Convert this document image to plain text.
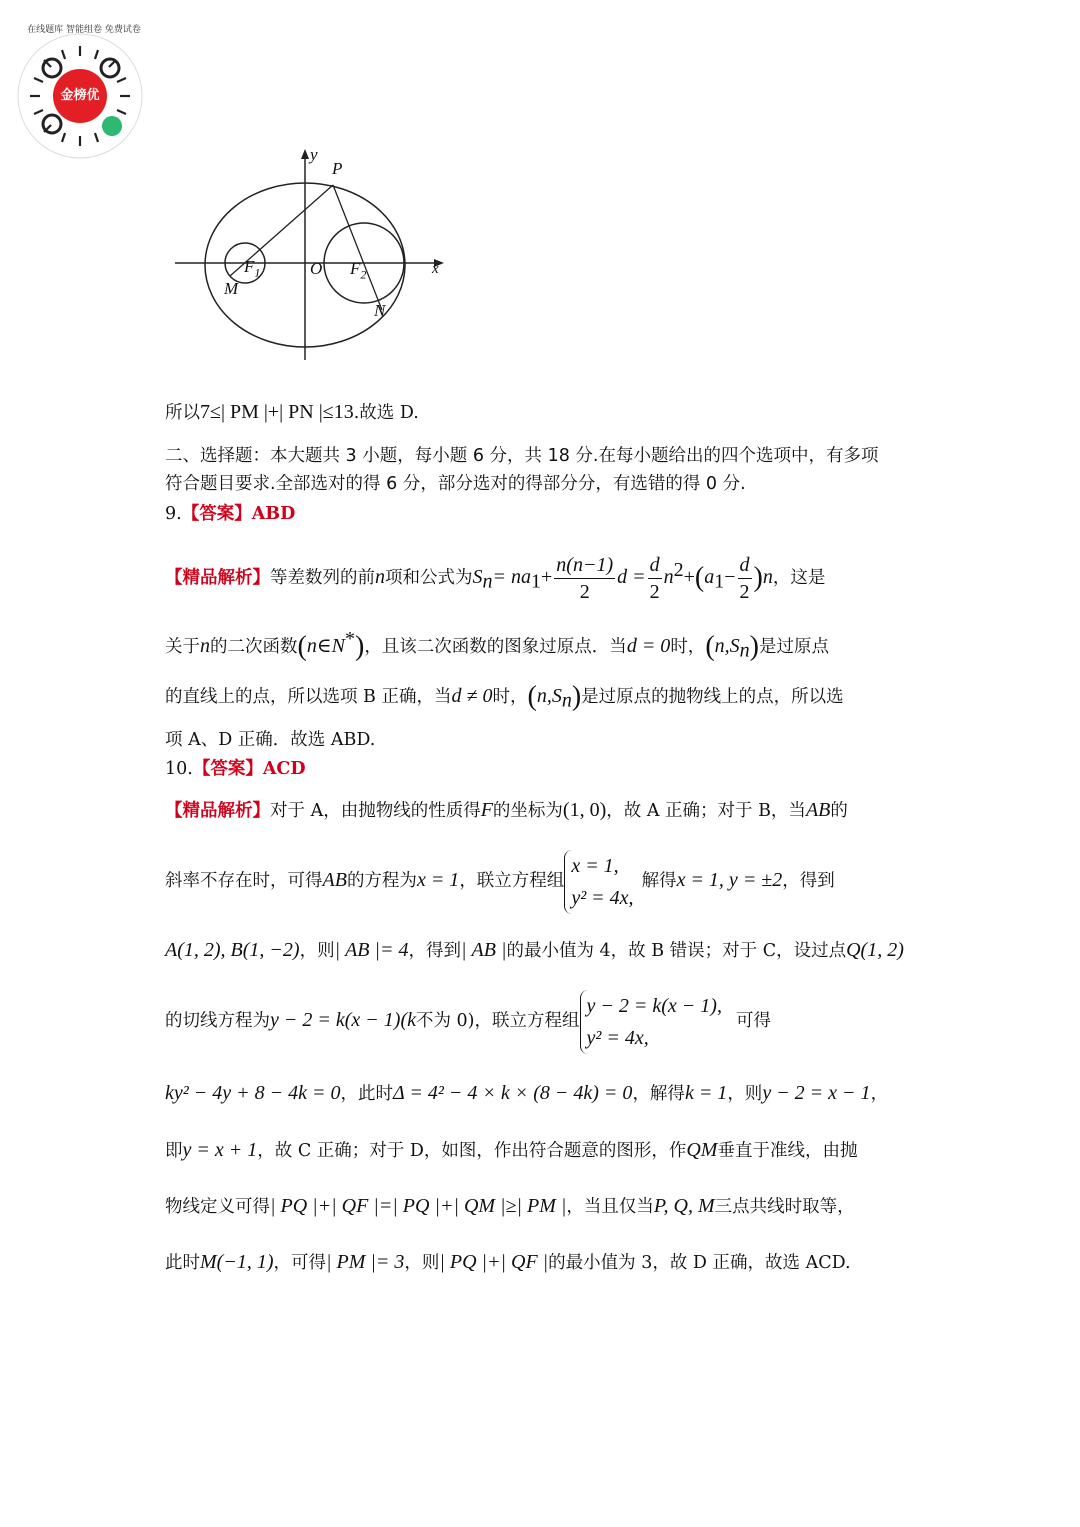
金榜优
在线题库 智能组卷 免费试卷
y
P
O
$F_1$	$F_2$	x
M
N
所以7≤| PM |+| PN |≤13.故选 D.
二、选择题：本大题共 3 小题，每小题 6 分，共 18 分.在每小题给出的四个选项中，有多项
符合题目要求.全部选对的得 6 分，部分选对的得部分分，有选错的得 0 分.
9.【答案】ABD
【精品解析】等差数列的前n项和公式为$S_n= na_1+ \frac{n(n-1)}{2}$ $d = \frac{d}{2} n^2+(a_1- \frac{d}{2} )n$，这是
关于n的二次函数(n∈N*)，且该二次函数的图象过原点．当d = 0时，$(n,S_n)$是过原点
的直线上的点，所以选项 B 正确，当d ≠ 0时，$(n,S_n)$是过原点的抛物线上的点，所以选
项 A、D 正确．故选 ABD.
10.【答案】ACD
【精品解析】对于 A，由抛物线的性质得F的坐标为(1, 0)，故 A 正确；对于 B，当AB的
斜率不存在时，可得AB的方程为x = 1，联立方程组
x = 1,
y² = 4x,
解得x = 1, y = ±2，得到
A(1, 2), B(1, −2)，则| AB |= 4，得到| AB |的最小值为 4，故 B 错误；对于 C，设过点Q(1, 2)
的切线方程为y − 2 = k(x − 1)(k不为 0)，联立方程组
y − 2 = k(x − 1),
y² = 4x,
可得
ky² − 4y + 8 − 4k = 0，此时Δ = 4² − 4 × k × (8 − 4k) = 0，解得k = 1，则y − 2 = x − 1，
即y = x + 1，故 C 正确；对于 D，如图，作出符合题意的图形，作QM垂直于准线，由抛
物线定义可得| PQ |+| QF |=| PQ |+| QM |≥| PM |，当且仅当P, Q, M三点共线时取等，
此时M(−1, 1)，可得| PM |= 3，则| PQ |+| QF |的最小值为 3，故 D 正确，故选 ACD.
